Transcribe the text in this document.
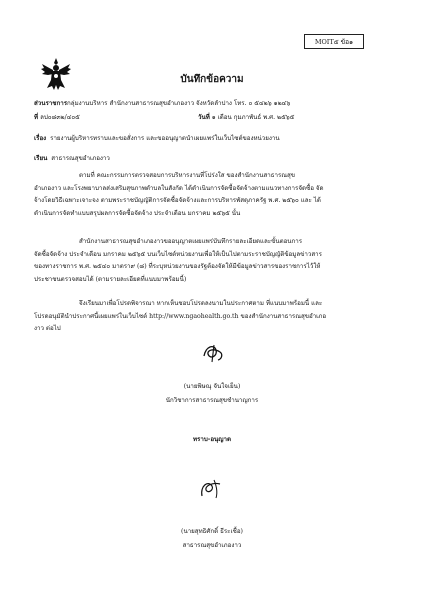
MOIT๕ ข้อ๑
บันทึกข้อความ
ส่วนราชการกลุ่มงานบริหาร สำนักงานสาธารณสุขอำเภองาว จังหวัดลำปาง โทร. ๐ ๕๔๒๖ ๑๒๔๖
ที่ ลป๐๘๓๒/๔๐๕	วันที่ ๑ เดือน กุมภาพันธ์ พ.ศ. ๒๕๖๕
เรื่อง รายงานผู้บริหารทราบและขอสั่งการ และขออนุญาตนำเผยแพร่ในเว็บไซต์ของหน่วยงาน
เรียน สาธารณสุขอำเภองาว
ตามที่ คณะกรรมการตรวจสอบการบริหารงานที่โปร่งใส ของสำนักงานสาธารณสุข
อำเภองาว และโรงพยาบาลส่งเสริมสุขภาพตำบลในสังกัด ได้ดำเนินการจัดซื้อจัดจ้างตามแนวทางการจัดซื้อ จัด
จ้างโดยวิธีเฉพาะเจาะจง ตามพระราชบัญญัติการจัดซื้อจัดจ้างและการบริหารพัสดุภาครัฐ พ.ศ. ๒๕๖๐ และ ได้
ดำเนินการจัดทำแบบสรุปผลการจัดซื้อจัดจ้าง ประจำเดือน มกราคม ๒๕๖๕ นั้น
สำนักงานสาธารณสุขอำเภองาวขออนุญาตเผยแพร่บันทึกรายละเอียดและขั้นตอนการ
จัดซื้อจัดจ้าง ประจำเดือน มกราคม ๒๕๖๕ บนเว็บไซต์หน่วยงานเพื่อให้เป็นไปตามระราชบัญญัติข้อมูลข่าวสาร
ของทางราชการ พ.ศ. ๒๕๔๐ มาตรา๙ (๘) ที่ระบุหน่วยงานของรัฐต้องจัดให้มีข้อมูลข่าวสารของราชการไว้ให้
ประชาชนตรวจสอบได้ (ตามรายละเอียดที่แนบมาพร้อมนี้)
จึงเรียนมาเพื่อโปรดพิจารณา หากเห็นชอบโปรดลงนามในประกาศตาม ที่แนบมาพร้อมนี้ และ
โปรดอนุมัตินำประกาศนี้เผยแพร่ในเว็บไซต์ http://www.ngaohealth.go.th ของสำนักงานสาธารณสุขอำเภอ
งาว ต่อไป
(นายพิษณุ จันใจเย็น)
นักวิชาการสาธารณสุขชำนาญการ
ทราบ-อนุญาต
(นายสุทธิศักดิ์ ธีระเชื้อ)
สาธารณสุขอำเภองาว
